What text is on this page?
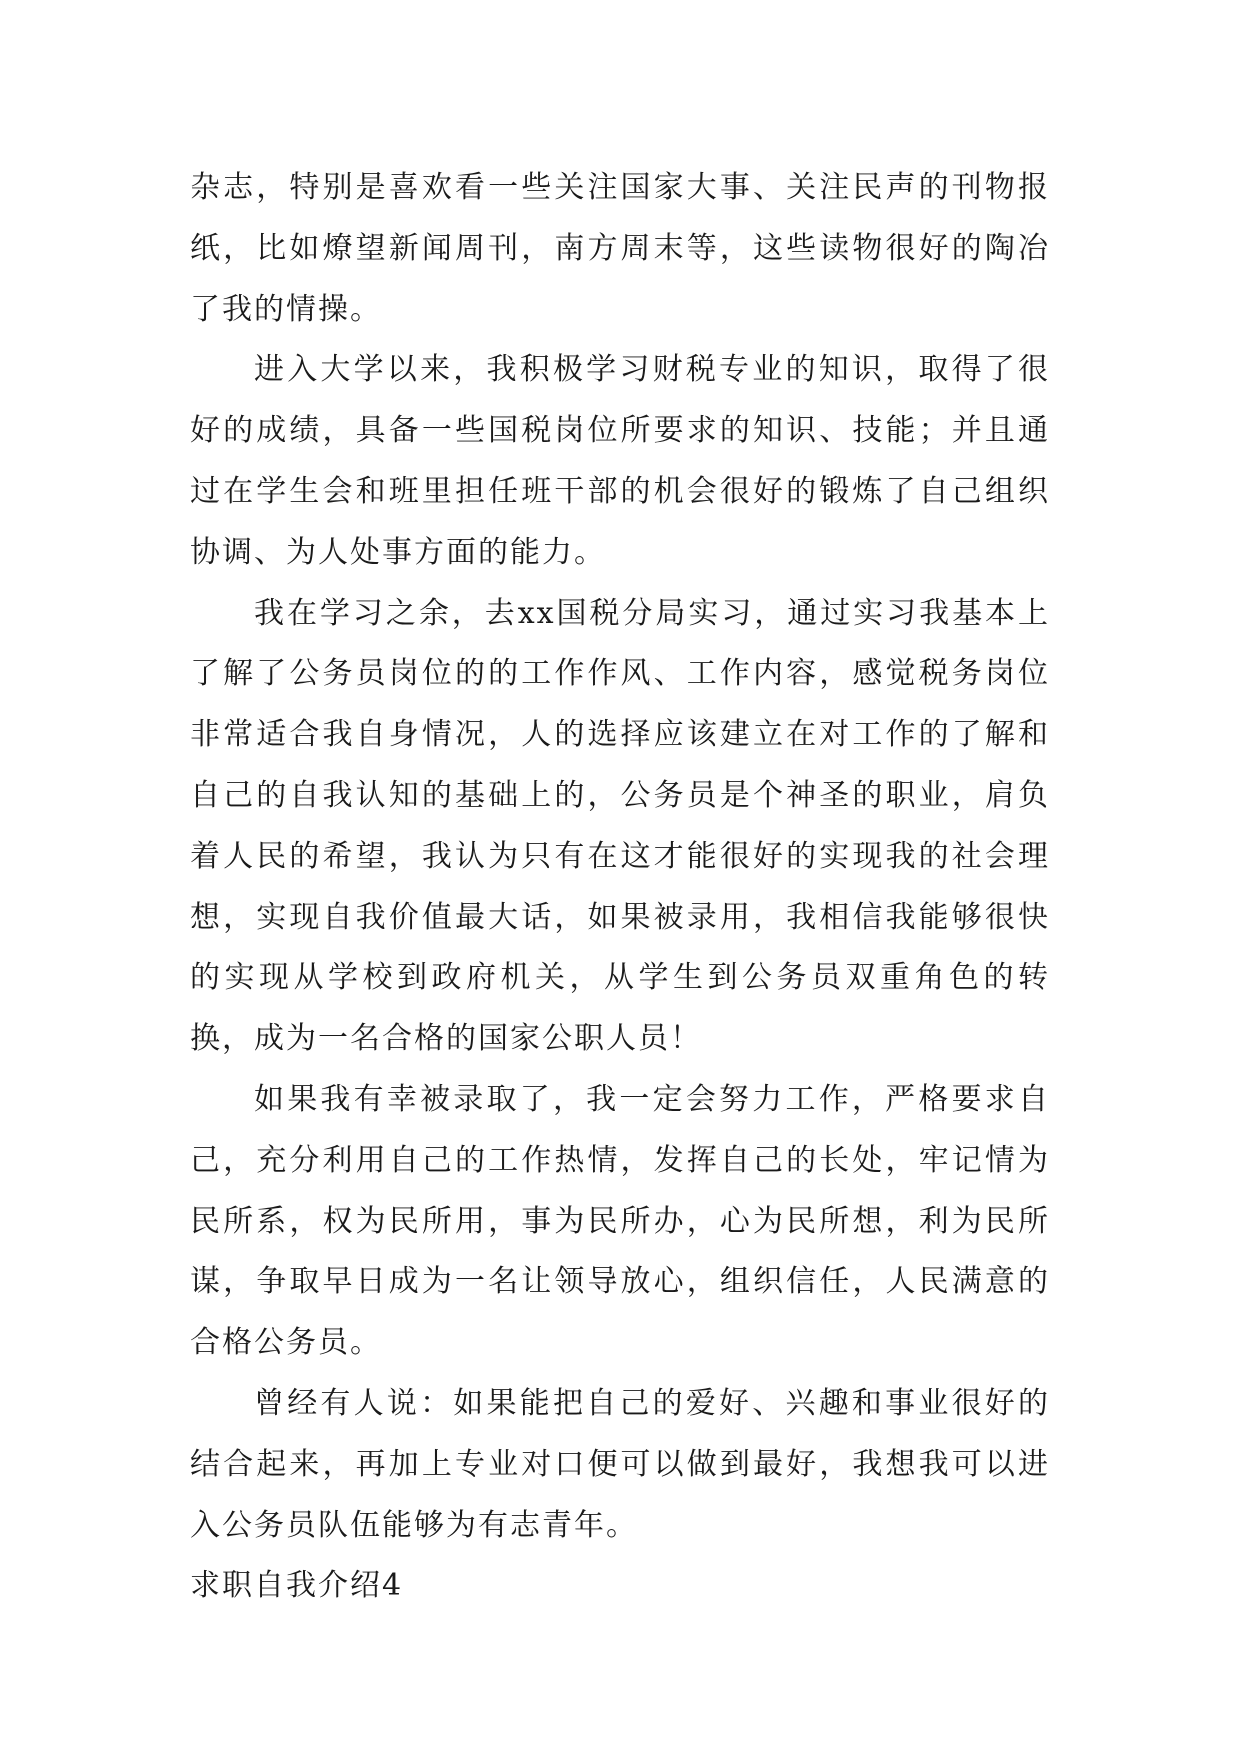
杂志，特别是喜欢看一些关注国家大事、关注民声的刊物报纸，比如燎望新闻周刊，南方周末等，这些读物很好的陶冶了我的情操。

进入大学以来，我积极学习财税专业的知识，取得了很好的成绩，具备一些国税岗位所要求的知识、技能；并且通过在学生会和班里担任班干部的机会很好的锻炼了自己组织协调、为人处事方面的能力。

我在学习之余，去xx国税分局实习，通过实习我基本上了解了公务员岗位的的工作作风、工作内容，感觉税务岗位非常适合我自身情况，人的选择应该建立在对工作的了解和自己的自我认知的基础上的，公务员是个神圣的职业，肩负着人民的希望，我认为只有在这才能很好的实现我的社会理想，实现自我价值最大话，如果被录用，我相信我能够很快的实现从学校到政府机关，从学生到公务员双重角色的转换，成为一名合格的国家公职人员！

如果我有幸被录取了，我一定会努力工作，严格要求自己，充分利用自己的工作热情，发挥自己的长处，牢记情为民所系，权为民所用，事为民所办，心为民所想，利为民所谋，争取早日成为一名让领导放心，组织信任，人民满意的合格公务员。

曾经有人说：如果能把自己的爱好、兴趣和事业很好的结合起来，再加上专业对口便可以做到最好，我想我可以进入公务员队伍能够为有志青年。

求职自我介绍4
